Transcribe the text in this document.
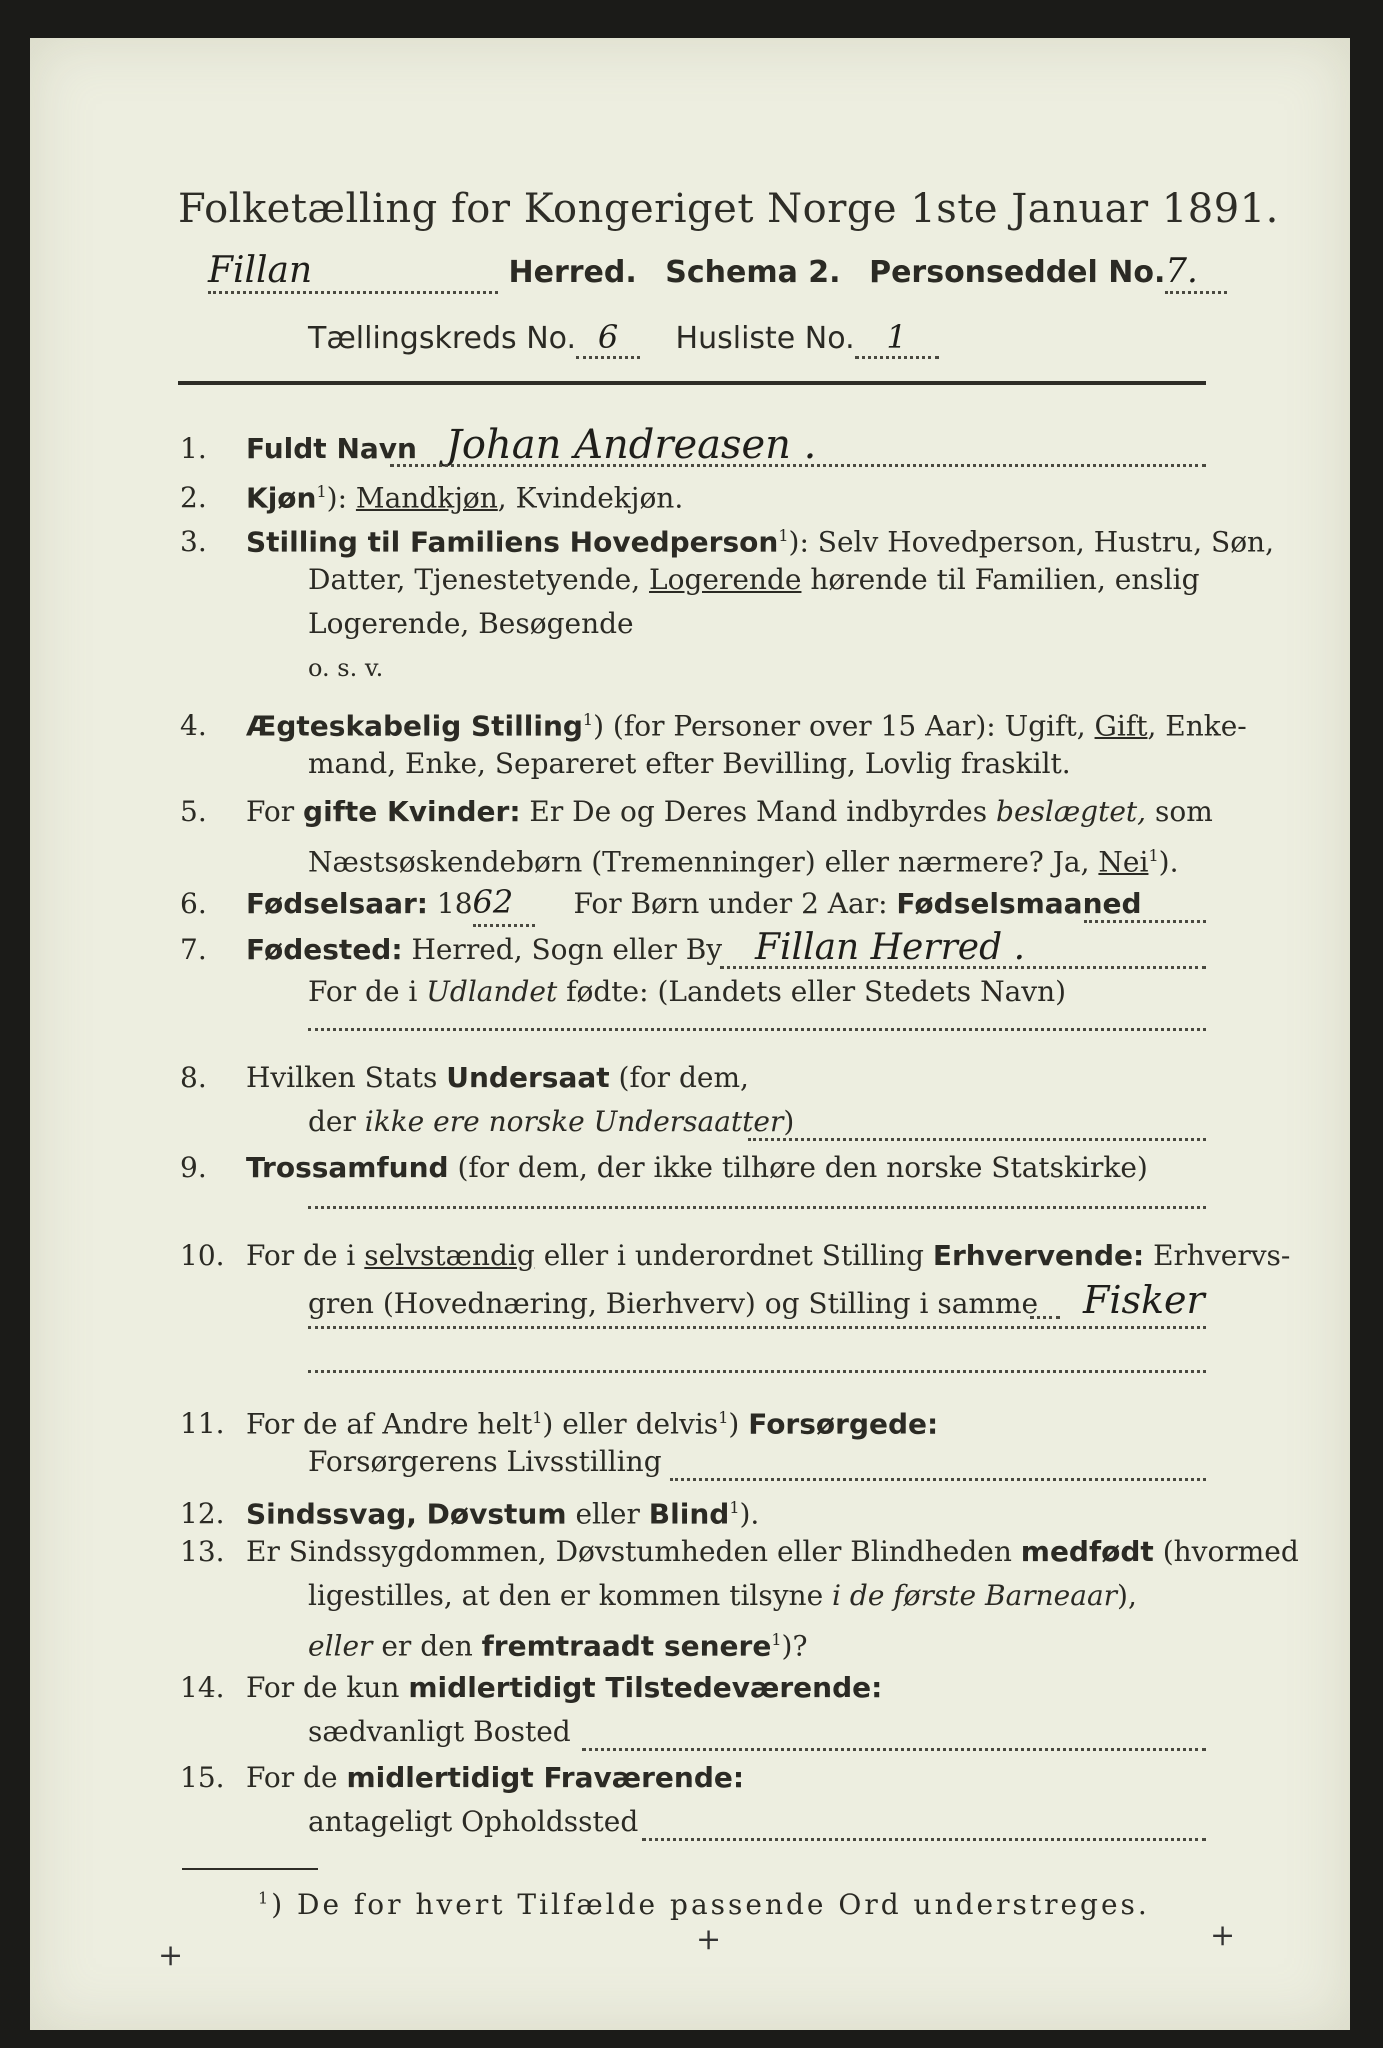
Folketælling for Kongeriget Norge 1ste Januar 1891.
Fillan	Herred. Schema 2. Personseddel No.7.
Tællingskreds No. 6 Husliste No. 1
1. Fuldt Navn Johan Andreasen .
2. Kjøn$^1$): Mandkjøn, Kvindekjøn.
3. Stilling til Familiens Hovedperson$^1$): Selv Hovedperson, Hustru, Søn,
Datter, Tjenestetyende, Logerende hørende til Familien, enslig
Logerende, Besøgende
o. s. v.
4. Ægteskabelig Stilling$^1$) (for Personer over 15 Aar): Ugift, Gift, Enke-
mand, Enke, Separeret efter Bevilling, Lovlig fraskilt.
5. For gifte Kvinder: Er De og Deres Mand indbyrdes beslægtet, som
Næstsøskendebørn (Tremenninger) eller nærmere? Ja, Nei$^1$).
6. Fødselsaar: 1862 For Børn under 2 Aar: Fødselsmaaned
7. Fødested: Herred, Sogn eller By Fillan Herred .
For de i Udlandet fødte: (Landets eller Stedets Navn)
8. Hvilken Stats Undersaat (for dem,
der ikke ere norske Undersaatter)
9. Trossamfund (for dem, der ikke tilhøre den norske Statskirke)
10. For de i selvstændig eller i underordnet Stilling Erhvervende: Erhvervs-
gren (Hovednæring, Bierhverv) og Stilling i samme Fisker
11. For de af Andre helt$^1$) eller delvis$^1$) Forsørgede:
Forsørgerens Livsstilling
12. Sindssvag, Døvstum eller Blind$^1$).
13. Er Sindssygdommen, Døvstumheden eller Blindheden medfødt (hvormed
ligestilles, at den er kommen tilsyne i de første Barneaar),
eller er den fremtraadt senere$^1$)?
14. For de kun midlertidigt Tilstedeværende:
sædvanligt Bosted
15. For de midlertidigt Fraværende:
antageligt Opholdssted
$^1$) De for hvert Tilfælde passende Ord understreges.
+	+	+
